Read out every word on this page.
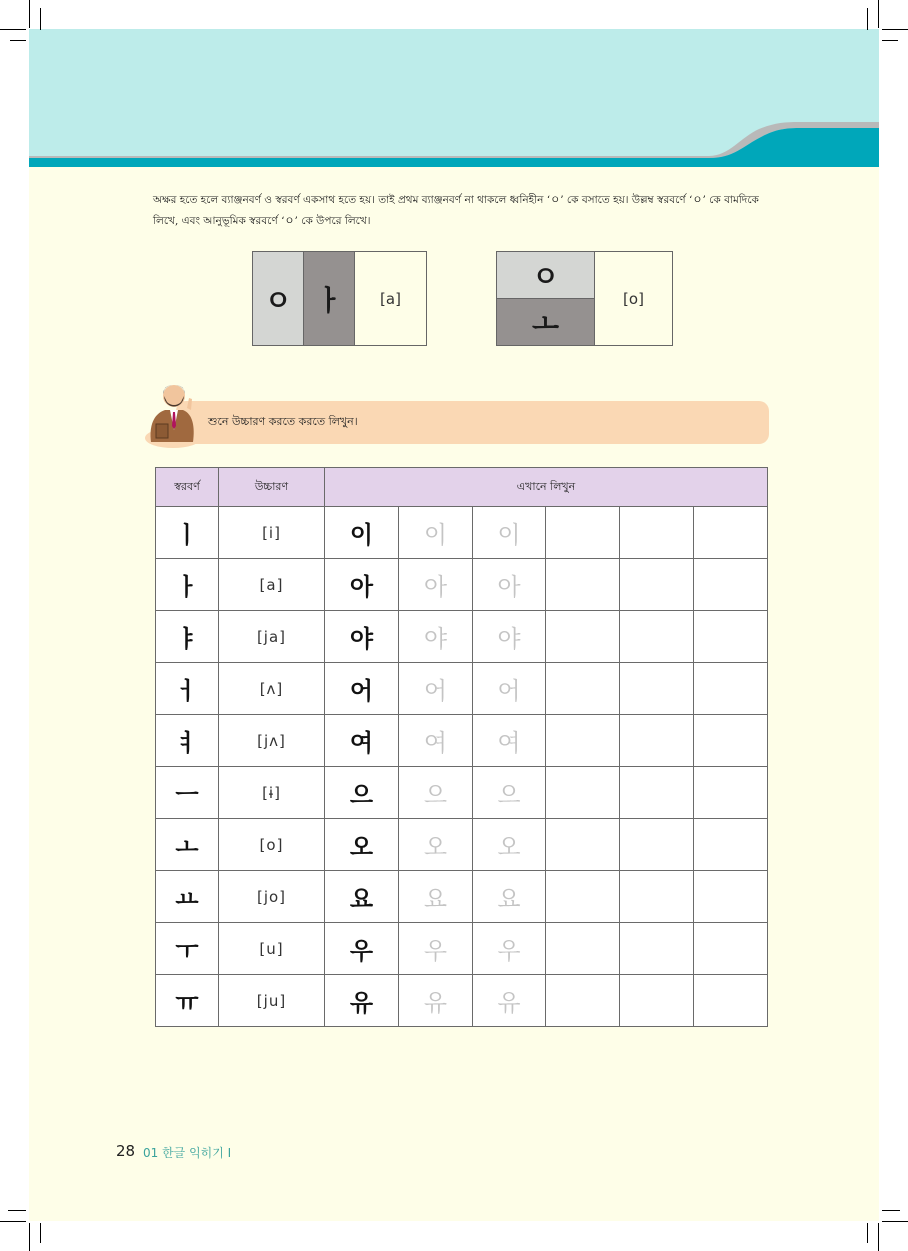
অক্ষর হতে হলে ব্যাঞ্জনবর্ণ ও স্বরবর্ণ একসাথ হতে হয়। তাই প্রথম ব্যাঞ্জনবর্ণ না থাকলে ধ্বনিহীন ‘ㅇ’ কে বসাতে হয়। উল্লম্ব স্বরবর্ণে ‘ㅇ’ কে বামদিকে লিখে, এবং আনুভূমিক স্বরবর্ণে ‘ㅇ’ কে উপরে লিখে।
ㅇ ㅏ	[a]
ㅇ
ㅗ
[o]
শুনে উচ্চারণ করতে করতে লিখুন।
স্বরবর্ণ	উচ্চারণ	এখানে লিখুন					
ㅣ	[i]	이	이	이			
ㅏ	[a]	아	아	아			
ㅑ	[ja]	야	야	야			
ㅓ	[ʌ]	어	어	어			
ㅕ	[jʌ]	여	여	여			
ㅡ	[ɨ]	으	으	으			
ㅗ	[o]	오	오	오			
ㅛ	[jo]	요	요	요			
ㅜ	[u]	우	우	우			
ㅠ	[ju]	유	유	유			
28 01 한글 익히기 I
